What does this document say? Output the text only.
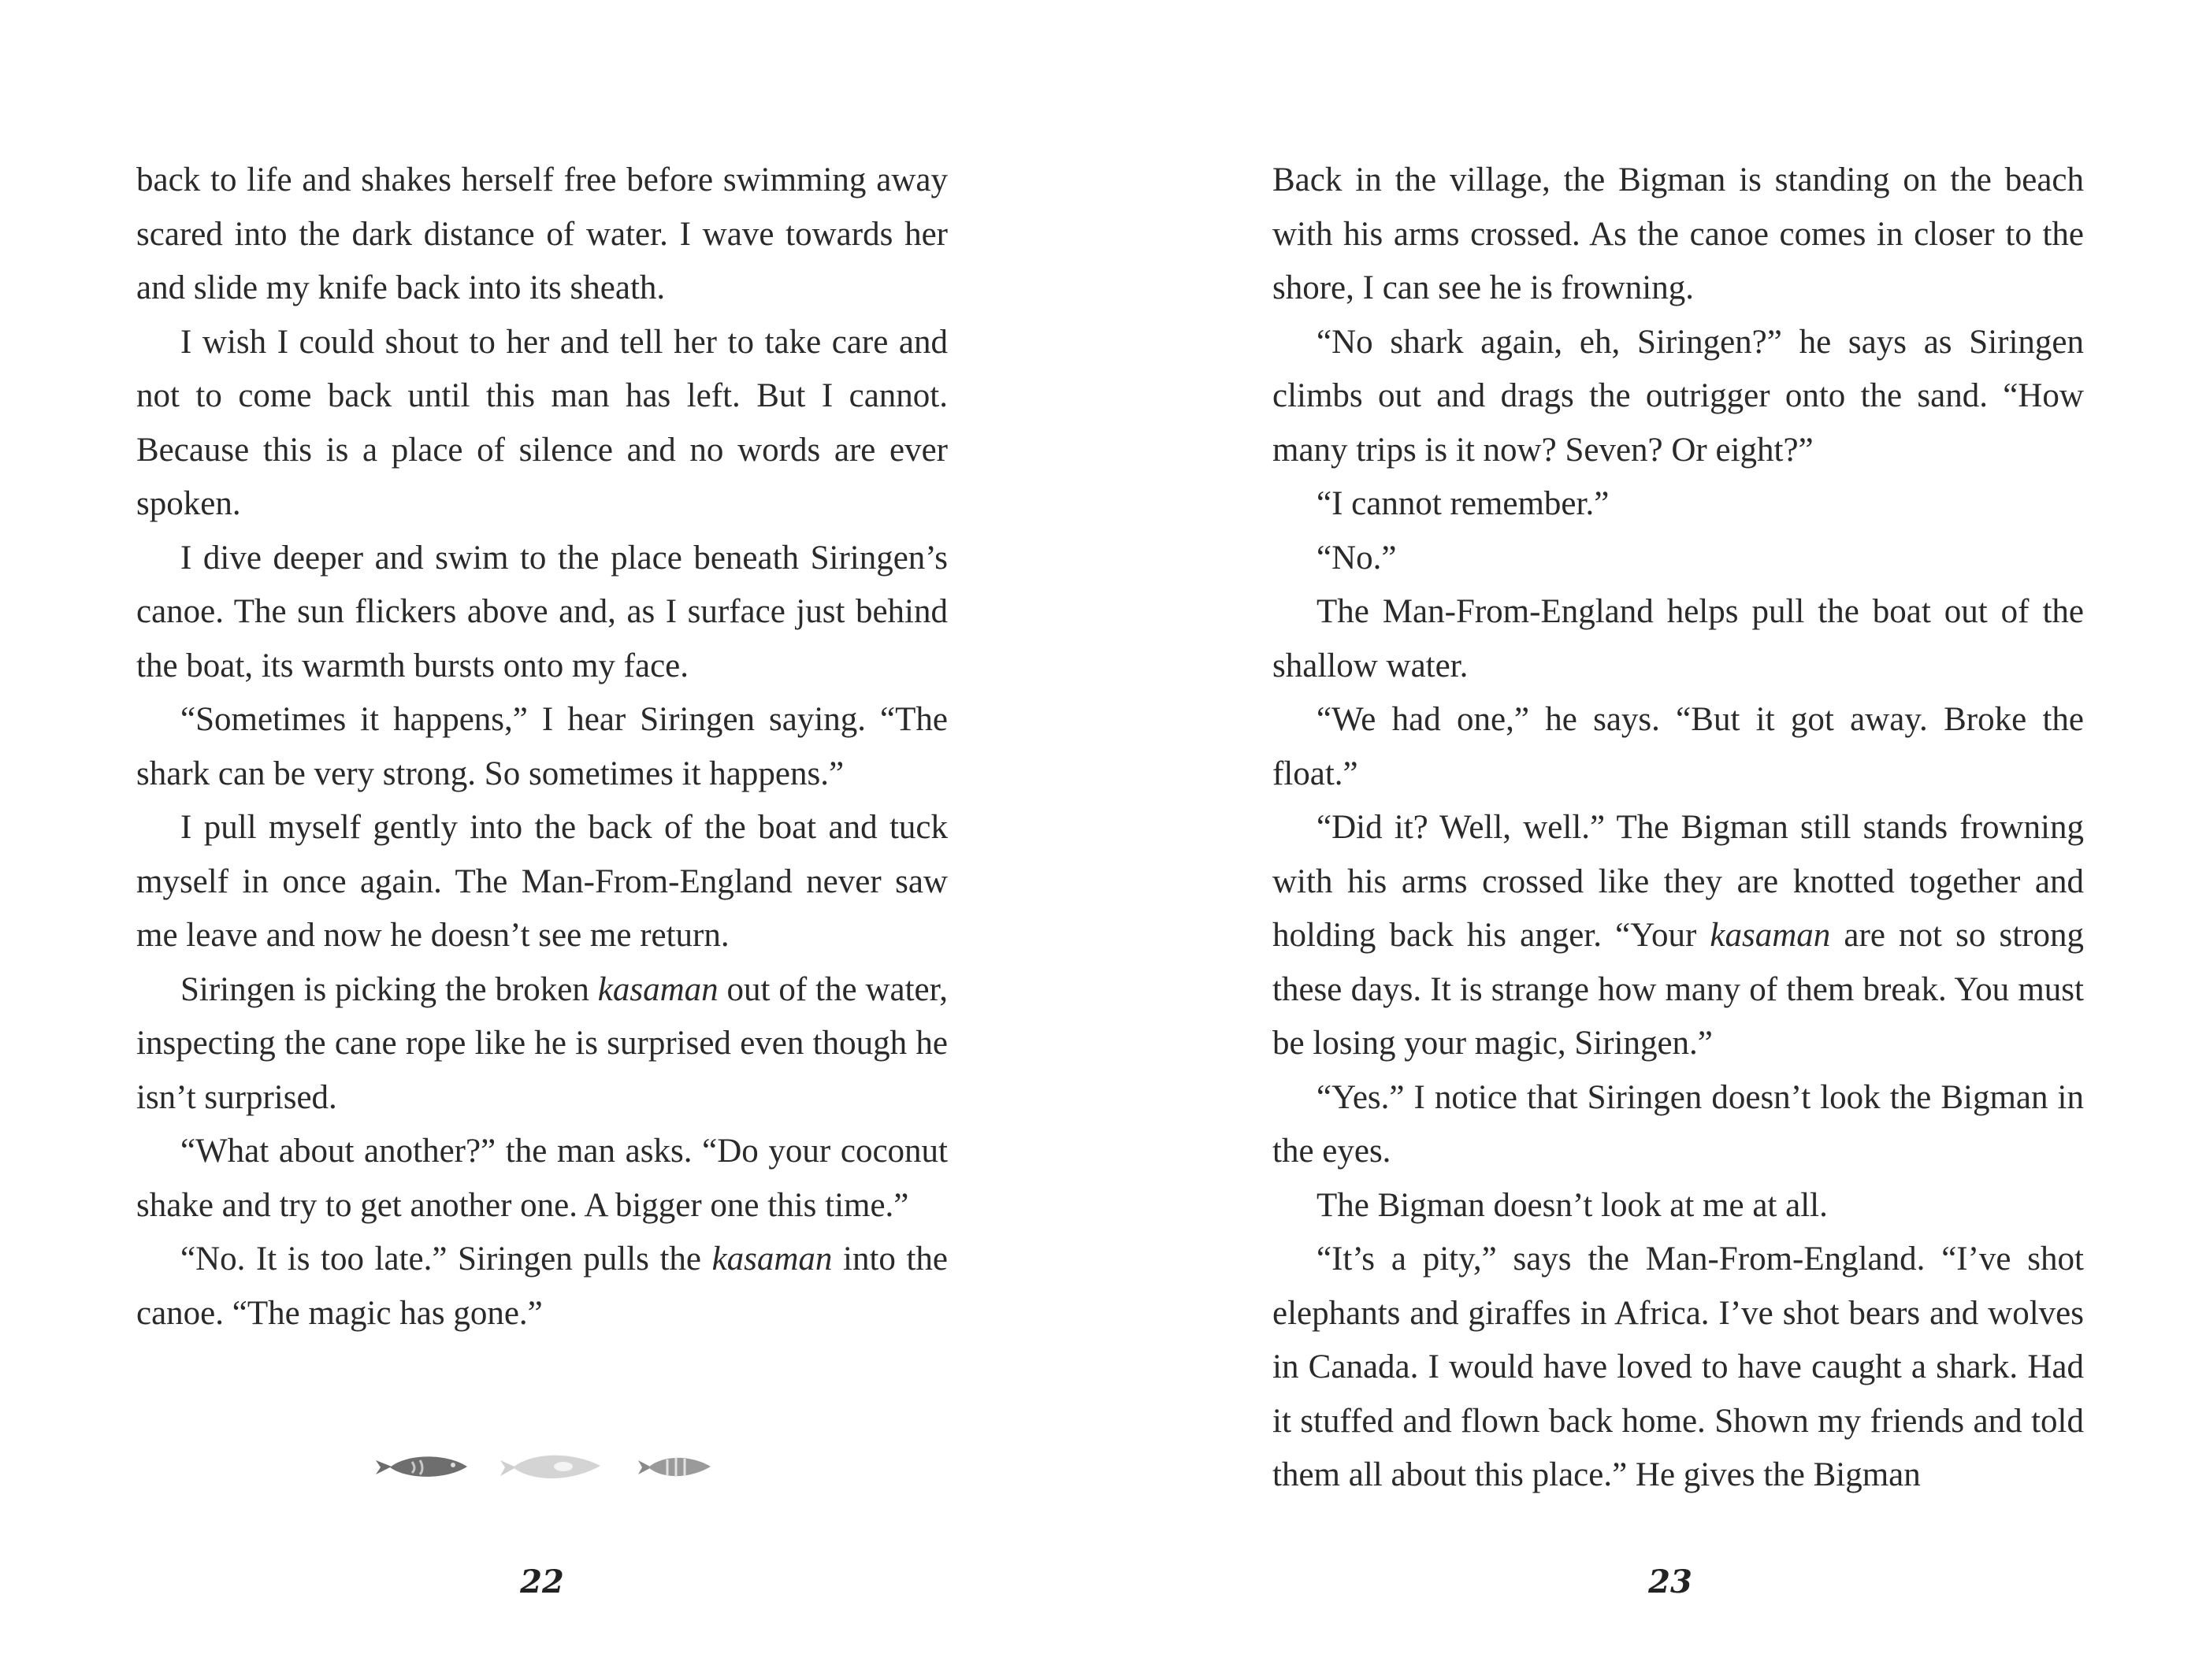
back to life and shakes herself free before swimming away scared into the dark distance of water. I wave towards her and slide my knife back into its sheath.

I wish I could shout to her and tell her to take care and not to come back until this man has left. But I cannot. Because this is a place of silence and no words are ever spoken.

I dive deeper and swim to the place beneath Siringen’s canoe. The sun flickers above and, as I surface just behind the boat, its warmth bursts onto my face.

“Sometimes it happens,” I hear Siringen saying. “The shark can be very strong. So sometimes it happens.”

I pull myself gently into the back of the boat and tuck myself in once again. The Man-From-England never saw me leave and now he doesn’t see me return.

Siringen is picking the broken kasaman out of the water, inspecting the cane rope like he is surprised even though he isn’t surprised.

“What about another?” the man asks. “Do your coconut shake and try to get another one. A bigger one this time.”

“No. It is too late.” Siringen pulls the kasaman into the canoe. “The magic has gone.”

22

Back in the village, the Bigman is standing on the beach with his arms crossed. As the canoe comes in closer to the shore, I can see he is frowning.

“No shark again, eh, Siringen?” he says as Siringen climbs out and drags the outrigger onto the sand. “How many trips is it now? Seven? Or eight?”

“I cannot remember.”

“No.”

The Man-From-England helps pull the boat out of the shallow water.

“We had one,” he says. “But it got away. Broke the float.”

“Did it? Well, well.” The Bigman still stands frowning with his arms crossed like they are knotted together and holding back his anger. “Your kasaman are not so strong these days. It is strange how many of them break. You must be losing your magic, Siringen.”

“Yes.” I notice that Siringen doesn’t look the Bigman in the eyes.

The Bigman doesn’t look at me at all.

“It’s a pity,” says the Man-From-England. “I’ve shot elephants and giraffes in Africa. I’ve shot bears and wolves in Canada. I would have loved to have caught a shark. Had it stuffed and flown back home. Shown my friends and told them all about this place.” He gives the Bigman

23
